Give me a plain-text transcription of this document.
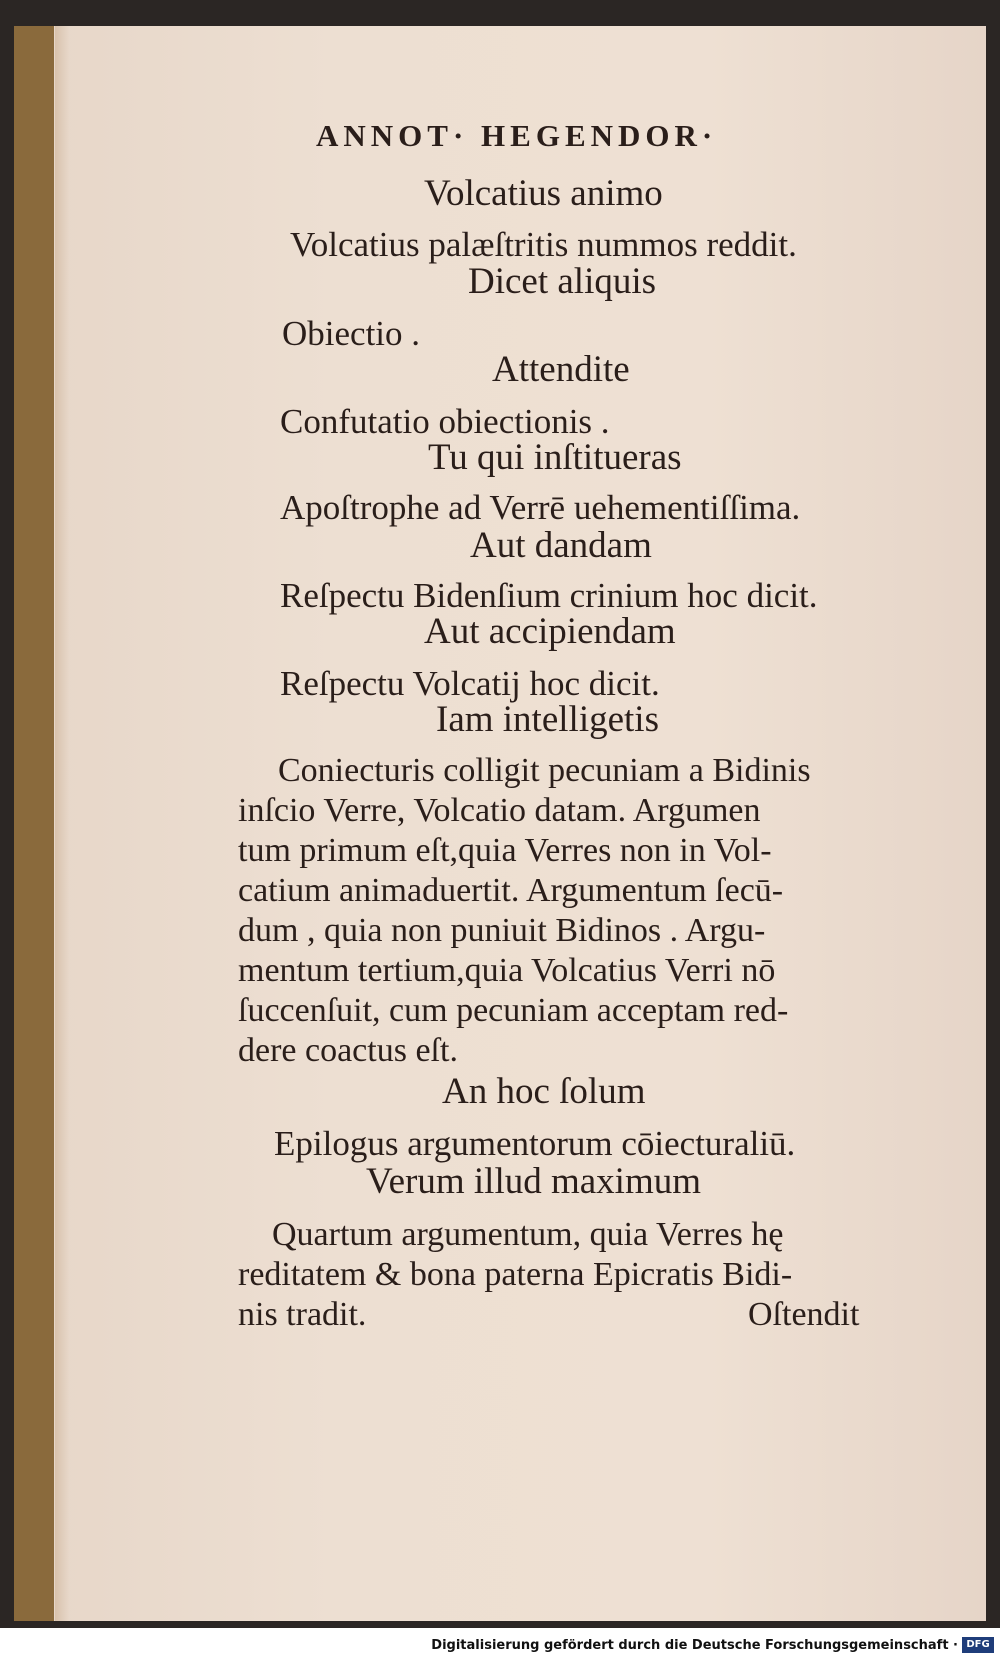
ANNOT· HEGENDOR·
Volcatius animo
Volcatius palæſtritis nummos reddit.
Dicet aliquis
Obiectio .
Attendite
Confutatio obiectionis .
Tu qui inſtitueras
Apoſtrophe ad Verrē uehementiſſima.
Aut dandam
Reſpectu Bidenſium crinium hoc dicit.
Aut accipiendam
Reſpectu Volcatij hoc dicit.
Iam intelligetis
Coniecturis colligit pecuniam a Bidinis
inſcio Verre, Volcatio datam. Argumen
tum primum eſt,quia Verres non in Vol-
catium animaduertit. Argumentum ſecū-
dum , quia non puniuit Bidinos . Argu-
mentum tertium,quia Volcatius Verri nō
ſuccenſuit, cum pecuniam acceptam red-
dere coactus eſt.
An hoc ſolum
Epilogus argumentorum cōiecturaliū.
Verum illud maximum
Quartum argumentum, quia Verres hę
reditatem & bona paterna Epicratis Bidi-
nis tradit.	Oſtendit
Digitalisierung gefördert durch die Deutsche Forschungsgemeinschaft · DFG
